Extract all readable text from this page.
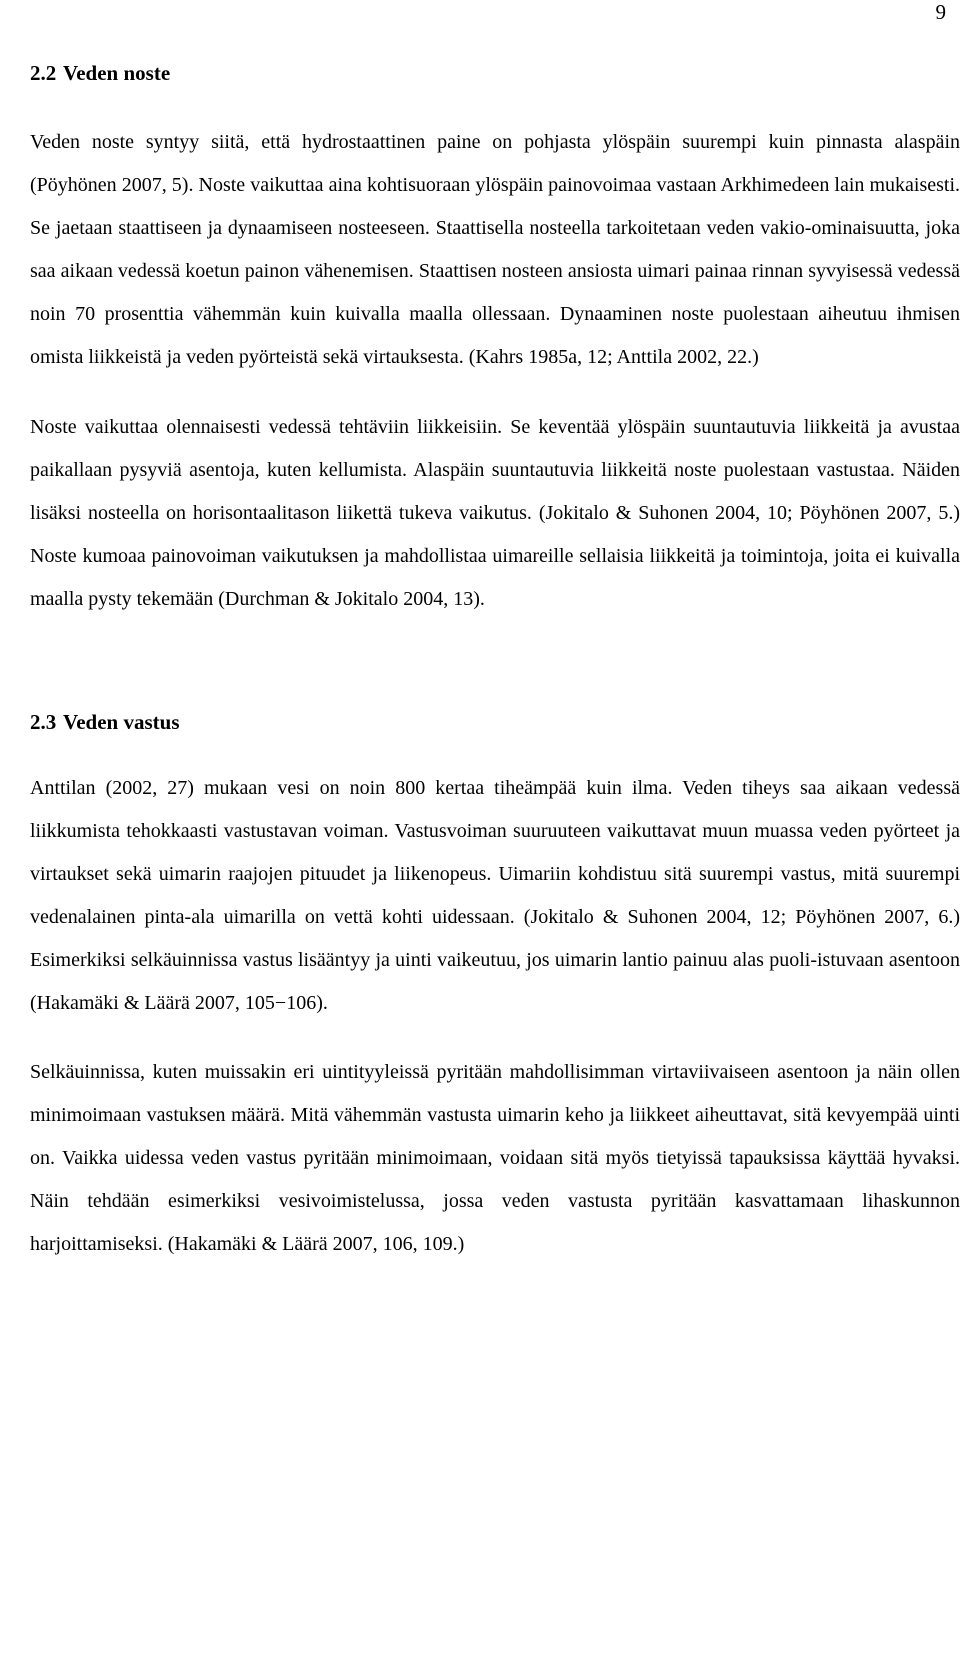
9
2.2 Veden noste

Veden noste syntyy siitä, että hydrostaattinen paine on pohjasta ylöspäin suurempi kuin pinnasta alaspäin (Pöyhönen 2007, 5). Noste vaikuttaa aina kohtisuoraan ylöspäin painovoimaa vastaan Arkhimedeen lain mukaisesti. Se jaetaan staattiseen ja dynaamiseen nosteeseen. Staattisella nosteella tarkoitetaan veden vakio-ominaisuutta, joka saa aikaan vedessä koetun painon vähenemisen. Staattisen nosteen ansiosta uimari painaa rinnan syvyisessä vedessä noin 70 prosenttia vähemmän kuin kuivalla maalla ollessaan. Dynaaminen noste puolestaan aiheutuu ihmisen omista liikkeistä ja veden pyörteistä sekä virtauksesta. (Kahrs 1985a, 12; Anttila 2002, 22.)

Noste vaikuttaa olennaisesti vedessä tehtäviin liikkeisiin. Se keventää ylöspäin suuntautuvia liikkeitä ja avustaa paikallaan pysyviä asentoja, kuten kellumista. Alaspäin suuntautuvia liikkeitä noste puolestaan vastustaa. Näiden lisäksi nosteella on horisontaalitason liikettä tukeva vaikutus. (Jokitalo & Suhonen 2004, 10; Pöyhönen 2007, 5.) Noste kumoaa painovoiman vaikutuksen ja mahdollistaa uimareille sellaisia liikkeitä ja toimintoja, joita ei kuivalla maalla pysty tekemään (Durchman & Jokitalo 2004, 13).

2.3 Veden vastus

Anttilan (2002, 27) mukaan vesi on noin 800 kertaa tiheämpää kuin ilma. Veden tiheys saa aikaan vedessä liikkumista tehokkaasti vastustavan voiman. Vastusvoiman suuruuteen vaikuttavat muun muassa veden pyörteet ja virtaukset sekä uimarin raajojen pituudet ja liikenopeus. Uimariin kohdistuu sitä suurempi vastus, mitä suurempi vedenalainen pinta-ala uimarilla on vettä kohti uidessaan. (Jokitalo & Suhonen 2004, 12; Pöyhönen 2007, 6.) Esimerkiksi selkäuinnissa vastus lisääntyy ja uinti vaikeutuu, jos uimarin lantio painuu alas puoli-istuvaan asentoon (Hakamäki & Läärä 2007, 105−106).

Selkäuinnissa, kuten muissakin eri uintityyleissä pyritään mahdollisimman virtaviivaiseen asentoon ja näin ollen minimoimaan vastuksen määrä. Mitä vähemmän vastusta uimarin keho ja liikkeet aiheuttavat, sitä kevyempää uinti on. Vaikka uidessa veden vastus pyritään minimoimaan, voidaan sitä myös tietyissä tapauksissa käyttää hyvaksi. Näin tehdään esimerkiksi vesivoimistelussa, jossa veden vastusta pyritään kasvattamaan lihaskunnon harjoittamiseksi. (Hakamäki & Läärä 2007, 106, 109.)
